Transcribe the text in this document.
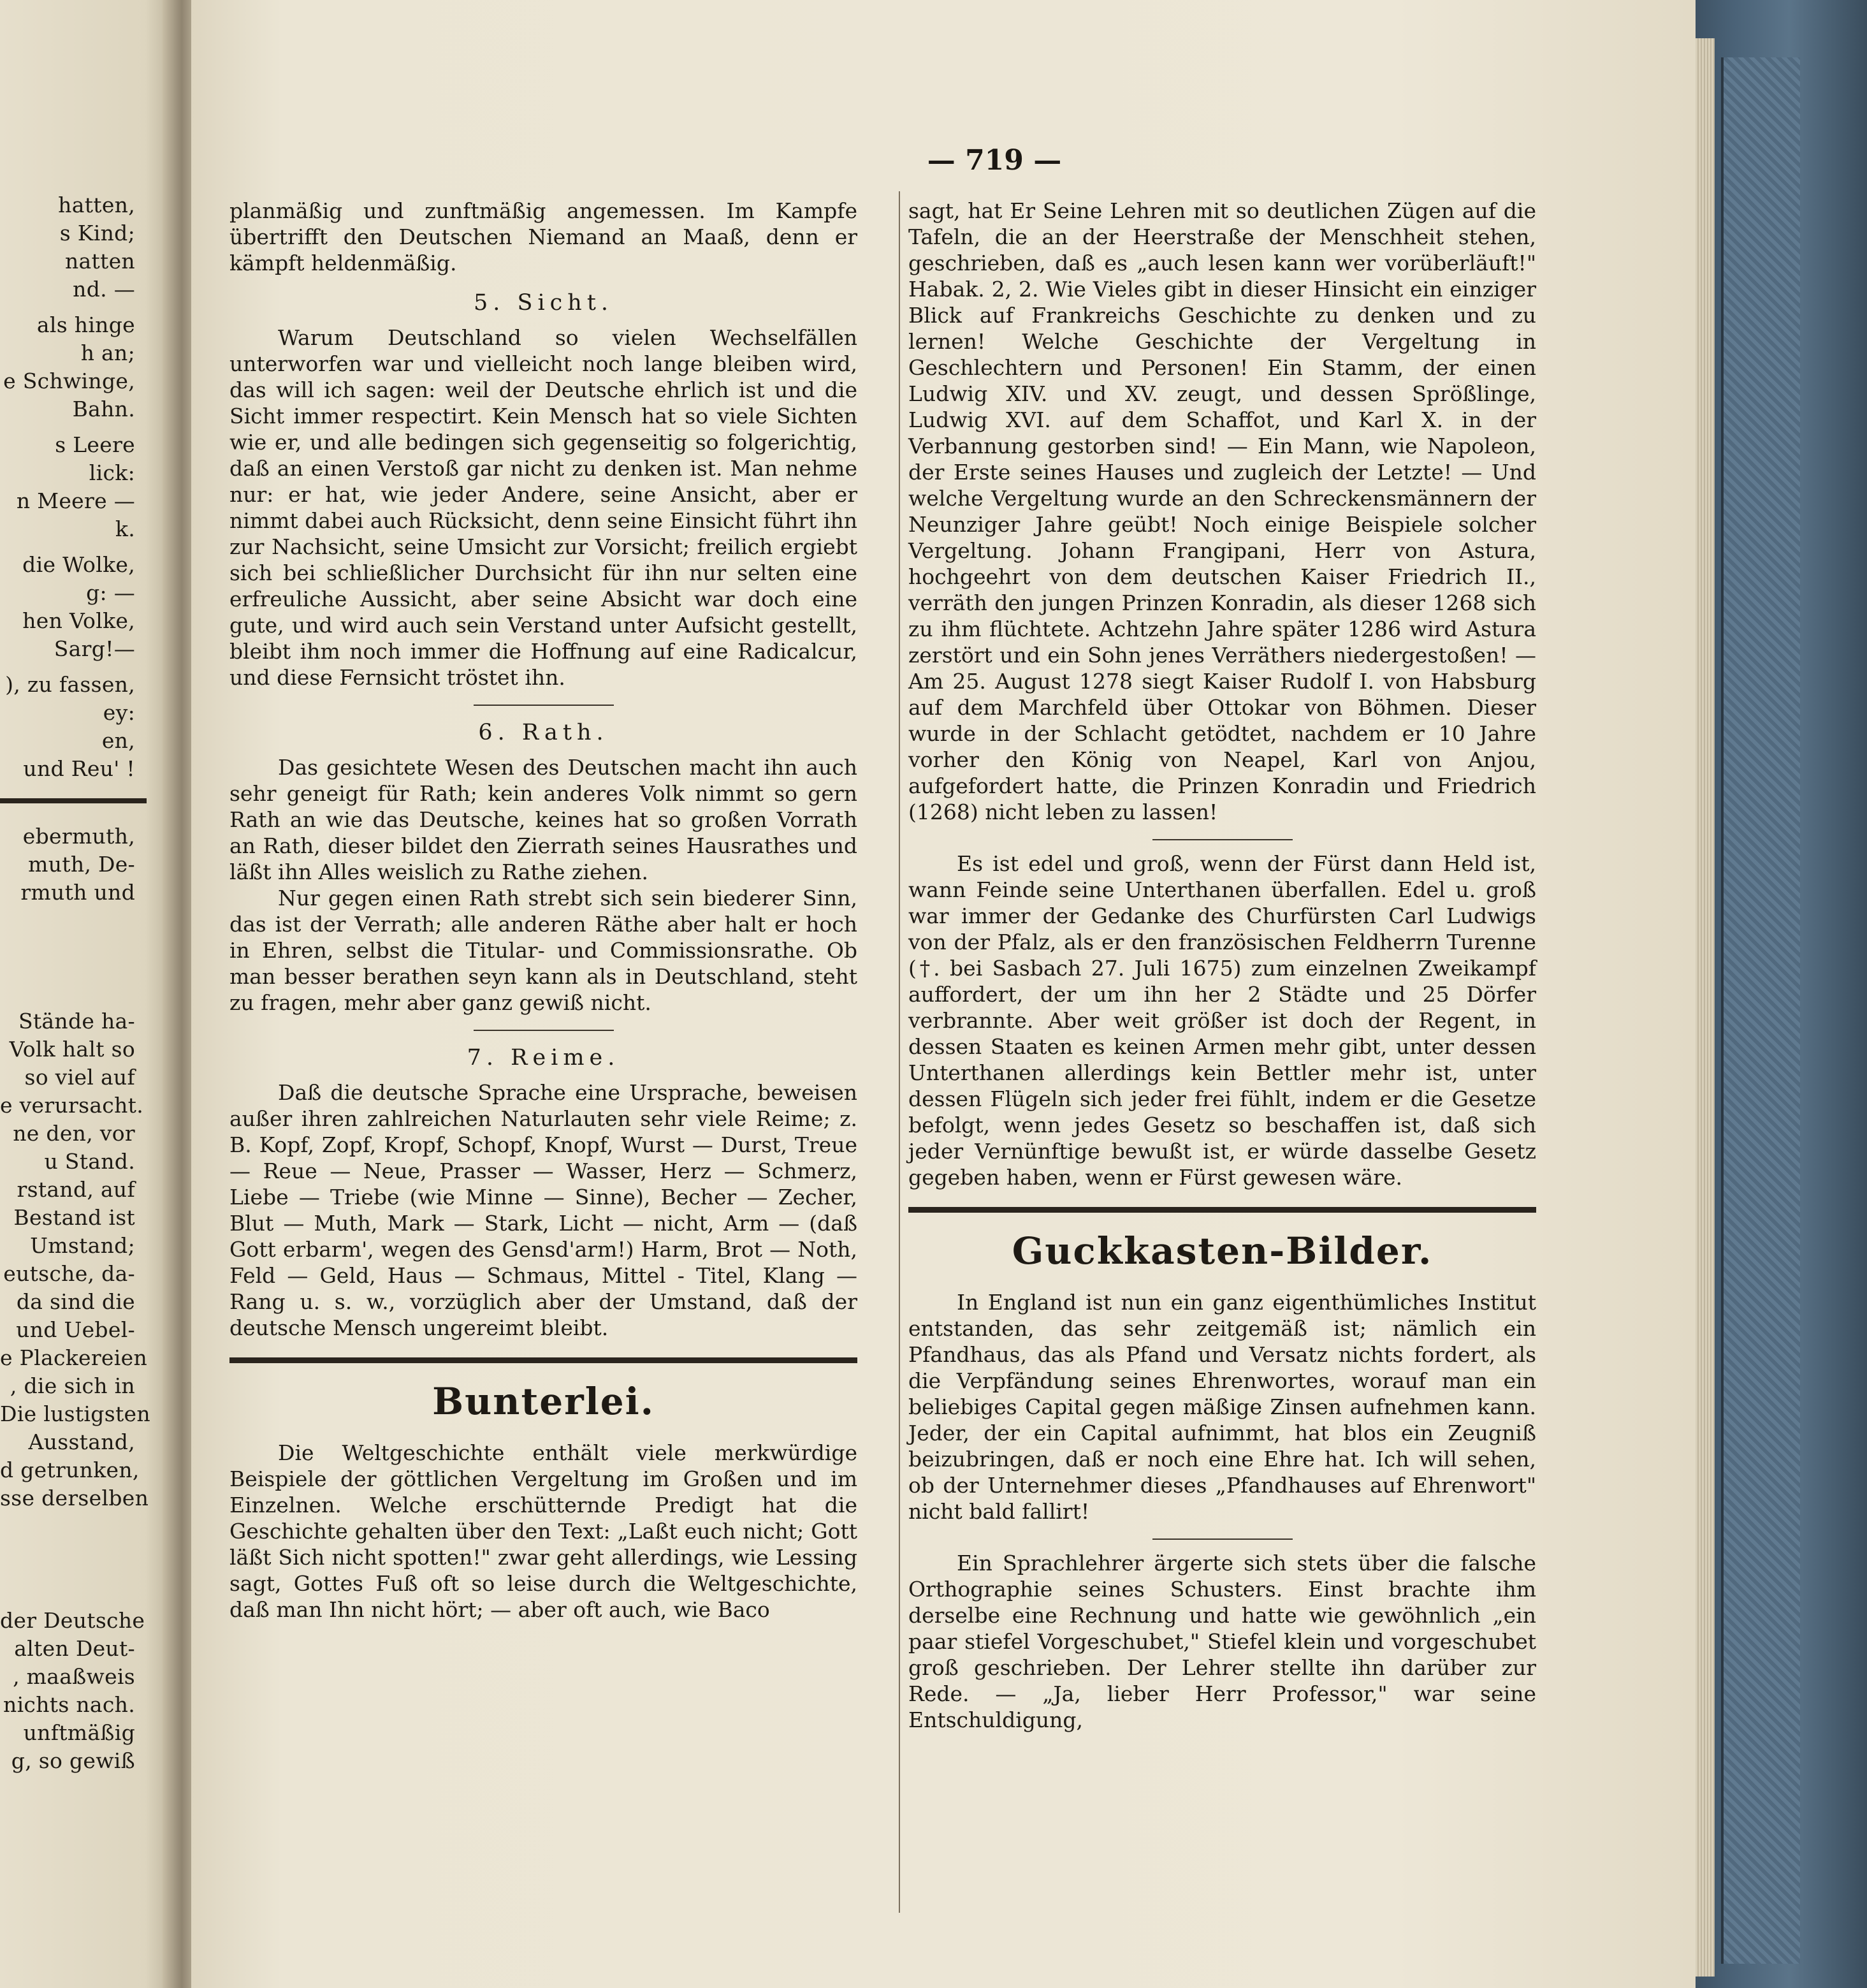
hatten,
s Kind;
natten
nd. —
als hinge
h an;
e Schwinge,
Bahn.
s Leere
lick:
n Meere —
k.
die Wolke,
g: —
hen Volke,
Sarg!—
), zu fassen,
ey:
en,
und Reu' !
ebermuth,
muth, De-
rmuth und
Stände ha-
Volk halt so
so viel auf
e verursacht.
ne den, vor
u Stand.
rstand, auf
Bestand ist
Umstand;
eutsche, da-
da sind die
und Uebel-
e Plackereien
, die sich in
Die lustigsten
Ausstand,
d getrunken,
sse derselben
der Deutsche
alten Deut-
, maaßweis
nichts nach.
unftmäßig
g, so gewiß
— 719 —

planmäßig und zunftmäßig angemessen. Im Kampfe übertrifft den Deutschen Niemand an Maaß, denn er kämpft heldenmäßig.

5. Sicht.

Warum Deutschland so vielen Wechselfällen unterworfen war und vielleicht noch lange bleiben wird, das will ich sagen: weil der Deutsche ehrlich ist und die Sicht immer respectirt. Kein Mensch hat so viele Sichten wie er, und alle bedingen sich gegenseitig so folgerichtig, daß an einen Verstoß gar nicht zu denken ist. Man nehme nur: er hat, wie jeder Andere, seine Ansicht, aber er nimmt dabei auch Rücksicht, denn seine Einsicht führt ihn zur Nachsicht, seine Umsicht zur Vorsicht; freilich ergiebt sich bei schließlicher Durchsicht für ihn nur selten eine erfreuliche Aussicht, aber seine Absicht war doch eine gute, und wird auch sein Verstand unter Aufsicht gestellt, bleibt ihm noch immer die Hoffnung auf eine Radicalcur, und diese Fernsicht tröstet ihn.

6. Rath.

Das gesichtete Wesen des Deutschen macht ihn auch sehr geneigt für Rath; kein anderes Volk nimmt so gern Rath an wie das Deutsche, keines hat so großen Vorrath an Rath, dieser bildet den Zierrath seines Hausrathes und läßt ihn Alles weislich zu Rathe ziehen.

Nur gegen einen Rath strebt sich sein biederer Sinn, das ist der Verrath; alle anderen Räthe aber halt er hoch in Ehren, selbst die Titular- und Commissionsrathe. Ob man besser berathen seyn kann als in Deutschland, steht zu fragen, mehr aber ganz gewiß nicht.

7. Reime.

Daß die deutsche Sprache eine Ursprache, beweisen außer ihren zahlreichen Naturlauten sehr viele Reime; z. B. Kopf, Zopf, Kropf, Schopf, Knopf, Wurst — Durst, Treue — Reue — Neue, Prasser — Wasser, Herz — Schmerz, Liebe — Triebe (wie Minne — Sinne), Becher — Zecher, Blut — Muth, Mark — Stark, Licht — nicht, Arm — (daß Gott erbarm', wegen des Gensd'arm!) Harm, Brot — Noth, Feld — Geld, Haus — Schmaus, Mittel - Titel, Klang — Rang u. s. w., vorzüglich aber der Umstand, daß der deutsche Mensch ungereimt bleibt.

Bunterlei.

Die Weltgeschichte enthält viele merkwürdige Beispiele der göttlichen Vergeltung im Großen und im Einzelnen. Welche erschütternde Predigt hat die Geschichte gehalten über den Text: „Laßt euch nicht; Gott läßt Sich nicht spotten!" zwar geht allerdings, wie Lessing sagt, Gottes Fuß oft so leise durch die Weltgeschichte, daß man Ihn nicht hört; — aber oft auch, wie Baco

sagt, hat Er Seine Lehren mit so deutlichen Zügen auf die Tafeln, die an der Heerstraße der Menschheit stehen, geschrieben, daß es „auch lesen kann wer vorüberläuft!" Habak. 2, 2. Wie Vieles gibt in dieser Hinsicht ein einziger Blick auf Frankreichs Geschichte zu denken und zu lernen! Welche Geschichte der Vergeltung in Geschlechtern und Personen! Ein Stamm, der einen Ludwig XIV. und XV. zeugt, und dessen Sprößlinge, Ludwig XVI. auf dem Schaffot, und Karl X. in der Verbannung gestorben sind! — Ein Mann, wie Napoleon, der Erste seines Hauses und zugleich der Letzte! — Und welche Vergeltung wurde an den Schreckensmännern der Neunziger Jahre geübt! Noch einige Beispiele solcher Vergeltung. Johann Frangipani, Herr von Astura, hochgeehrt von dem deutschen Kaiser Friedrich II., verräth den jungen Prinzen Konradin, als dieser 1268 sich zu ihm flüchtete. Achtzehn Jahre später 1286 wird Astura zerstört und ein Sohn jenes Verräthers niedergestoßen! — Am 25. August 1278 siegt Kaiser Rudolf I. von Habsburg auf dem Marchfeld über Ottokar von Böhmen. Dieser wurde in der Schlacht getödtet, nachdem er 10 Jahre vorher den König von Neapel, Karl von Anjou, aufgefordert hatte, die Prinzen Konradin und Friedrich (1268) nicht leben zu lassen!

Es ist edel und groß, wenn der Fürst dann Held ist, wann Feinde seine Unterthanen überfallen. Edel u. groß war immer der Gedanke des Churfürsten Carl Ludwigs von der Pfalz, als er den französischen Feldherrn Turenne (†. bei Sasbach 27. Juli 1675) zum einzelnen Zweikampf auffordert, der um ihn her 2 Städte und 25 Dörfer verbrannte. Aber weit größer ist doch der Regent, in dessen Staaten es keinen Armen mehr gibt, unter dessen Unterthanen allerdings kein Bettler mehr ist, unter dessen Flügeln sich jeder frei fühlt, indem er die Gesetze befolgt, wenn jedes Gesetz so beschaffen ist, daß sich jeder Vernünftige bewußt ist, er würde dasselbe Gesetz gegeben haben, wenn er Fürst gewesen wäre.

Guckkasten-Bilder.

In England ist nun ein ganz eigenthümliches Institut entstanden, das sehr zeitgemäß ist; nämlich ein Pfandhaus, das als Pfand und Versatz nichts fordert, als die Verpfändung seines Ehrenwortes, worauf man ein beliebiges Capital gegen mäßige Zinsen aufnehmen kann. Jeder, der ein Capital aufnimmt, hat blos ein Zeugniß beizubringen, daß er noch eine Ehre hat. Ich will sehen, ob der Unternehmer dieses „Pfandhauses auf Ehrenwort" nicht bald fallirt!

Ein Sprachlehrer ärgerte sich stets über die falsche Orthographie seines Schusters. Einst brachte ihm derselbe eine Rechnung und hatte wie gewöhnlich „ein paar stiefel Vorgeschubet," Stiefel klein und vorgeschubet groß geschrieben. Der Lehrer stellte ihn darüber zur Rede. — „Ja, lieber Herr Professor," war seine Entschuldigung,
